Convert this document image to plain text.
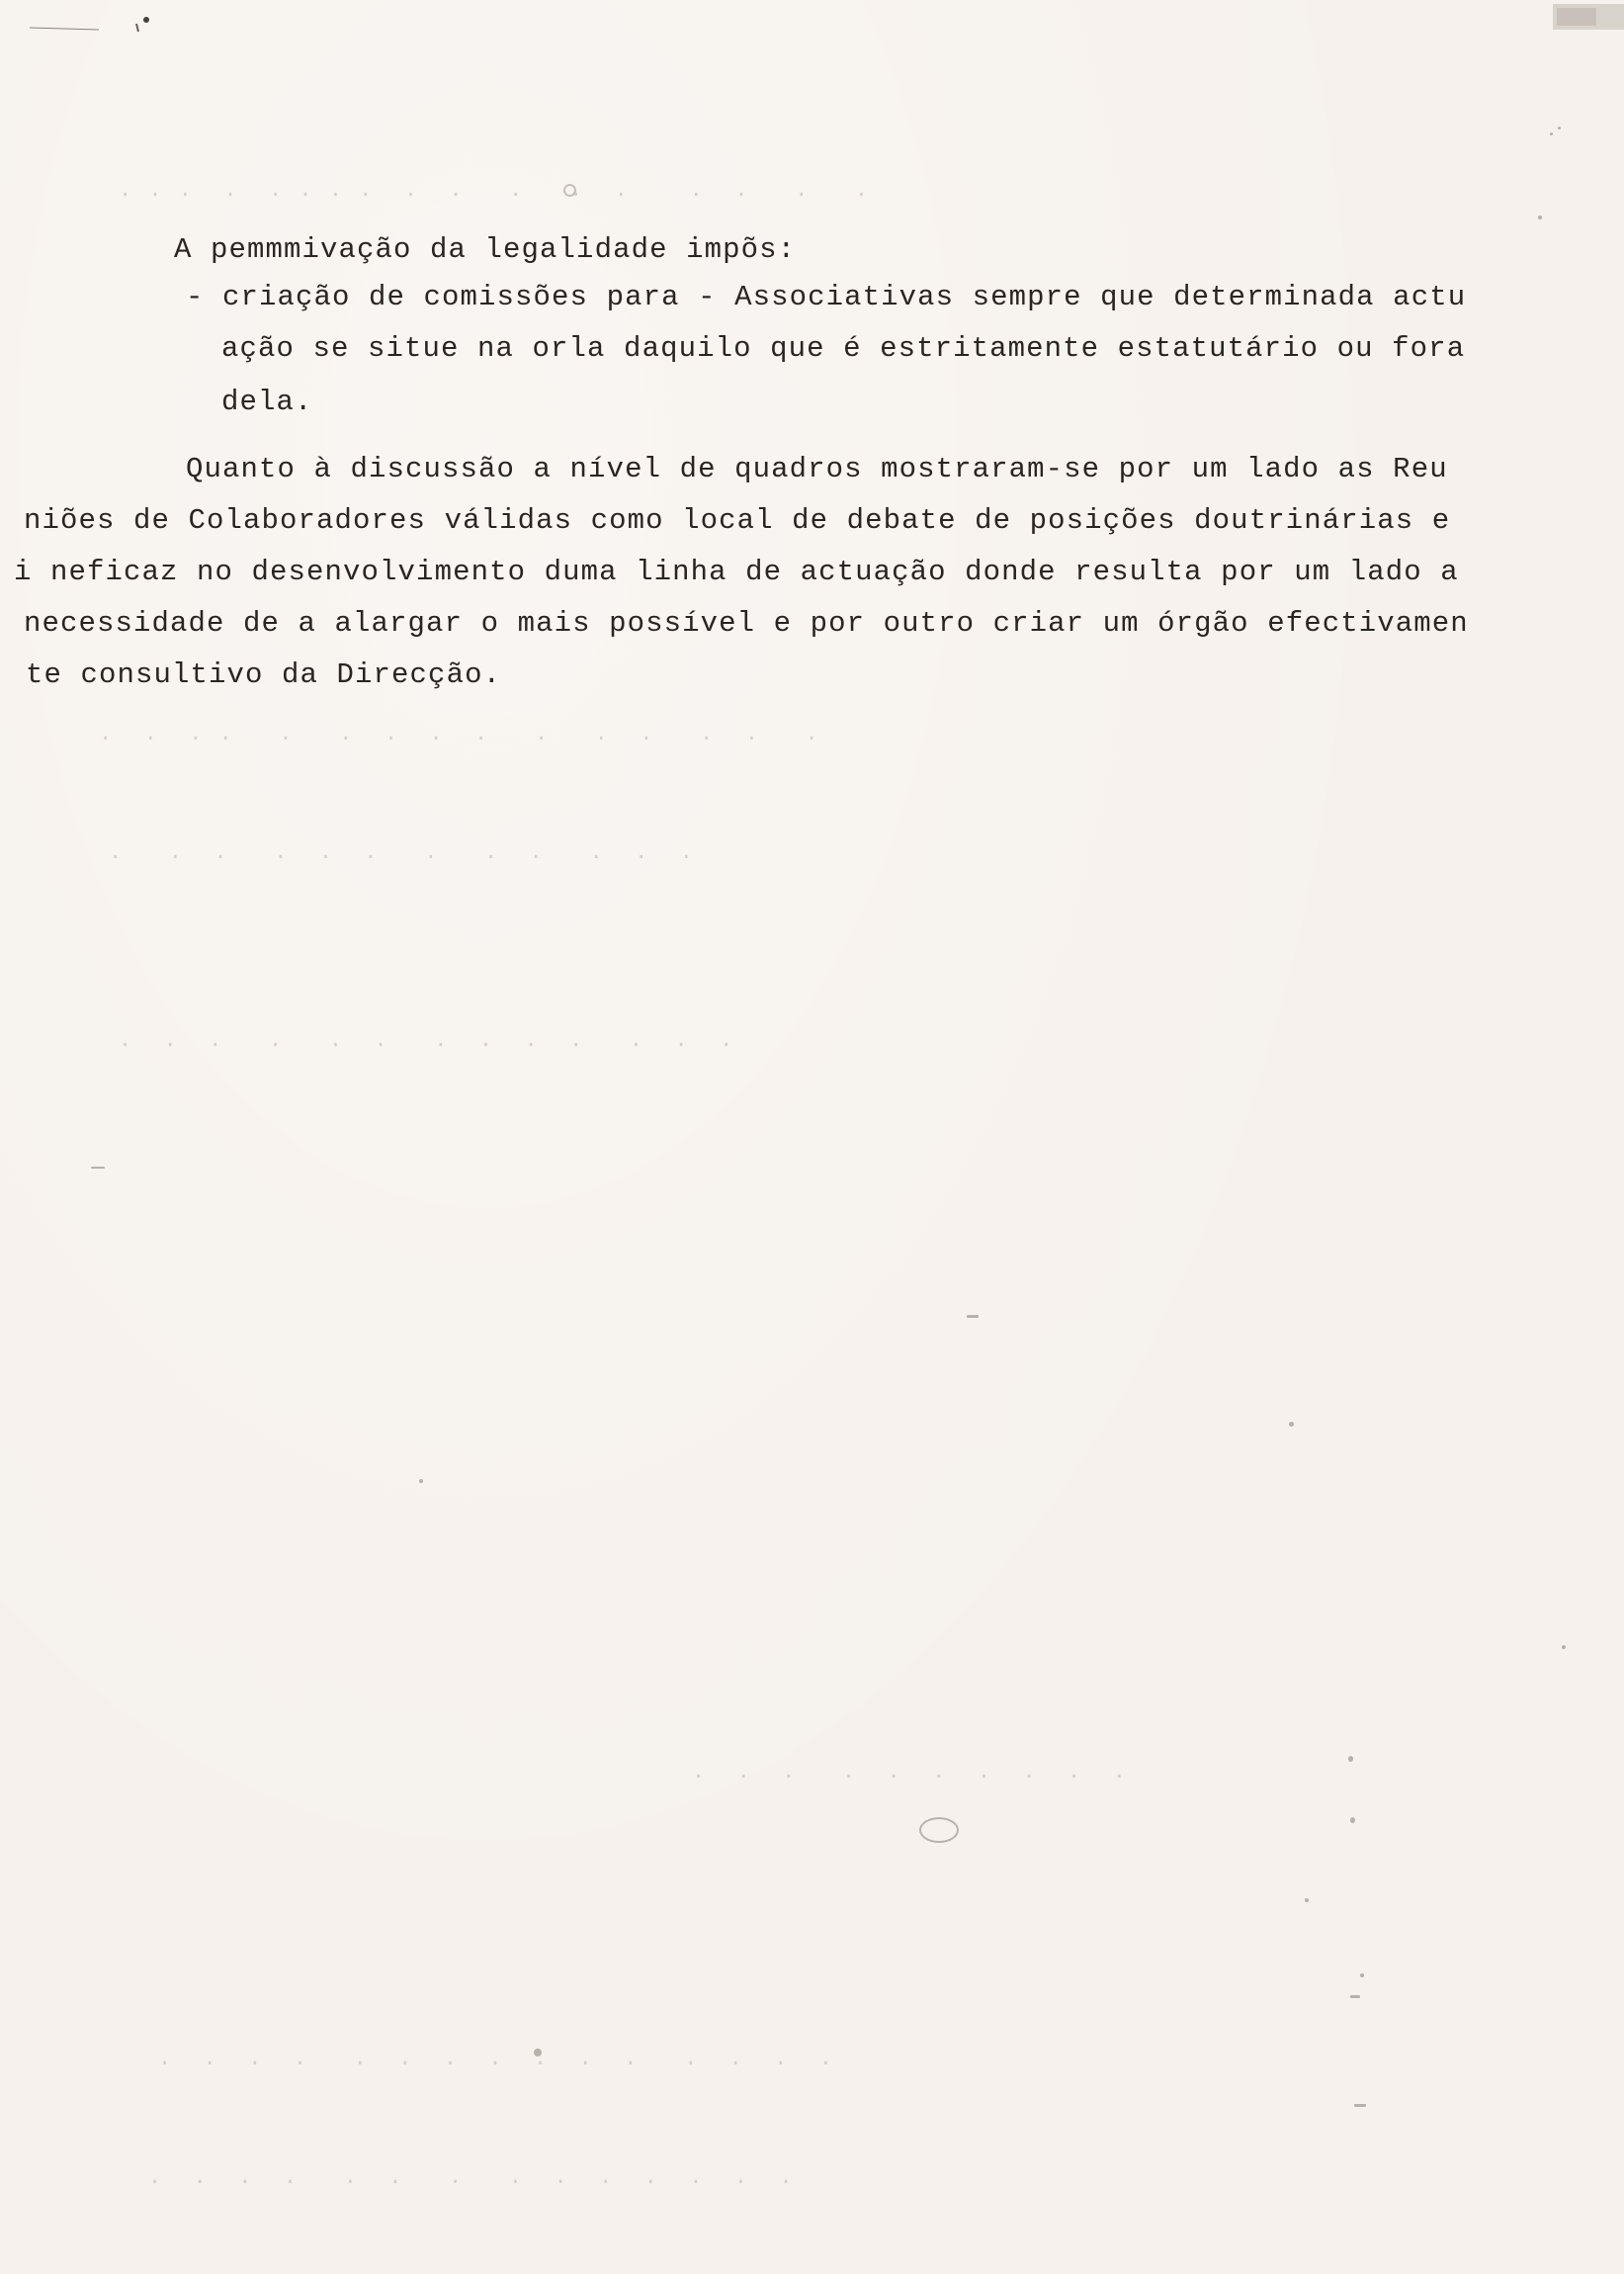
A pemmmivação da legalidade impõs:
- criação de comissões para - Associativas sempre que determinada actu
ação se situe na orla daquilo que é estritamente estatutário ou fora
dela.
Quanto à discussão a nível de quadros mostraram-se por um lado as Reu
niões de Colaboradores válidas como local de debate de posições doutrinárias e
i neficaz no desenvolvimento duma linha de actuação donde resulta por um lado a
necessidade de a alargar o mais possível e por outro criar um órgão efectivamen
te consultivo da Direcção.
. . .  .  . . . .  .  .   .   .  .    .  .   .   .
.  .  . .   .   .  .  .  .   .   .  .   .  .   .
.   .  .   .  .  .   .   .  .   .  .  .
.  .  .   .   .  .   .  .  .  .   .  .  .
.  .  .   .  .  .  .  .  .  .
.  .  .  .   .  .  .  .  .  .  .   .  .  .  .
.  .  .  .   .  .   .   .  .  .  .  .  .  .
